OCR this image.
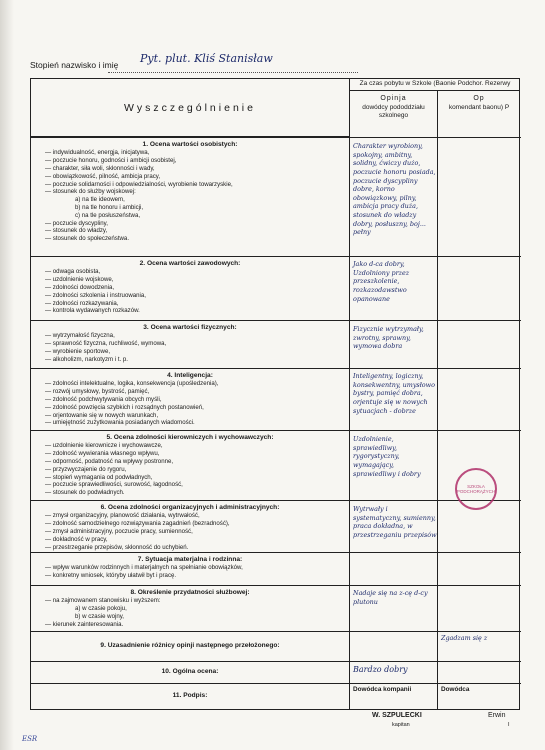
Stopień nazwisko i imię Pyt. plut. Kliś Stanisław
Wyszczególnienie
Za czas pobytu w Szkole (Baonie Podchor. Rezerwy
Opinja
dowódcy pododdziału szkolnego
Op
komendant baonu) P
1. Ocena wartości osobistych:
— indywidualność, energja, inicjatywa,
— poczucie honoru, godności i ambicji osobistej,
— charakter, siła woli, skłonności i wady,
— obowiązkowość, pilność, ambicja pracy,
— poczucie solidarności i odpowiedzialności, wyrobienie towarzyskie,
— stosunek do służby wojskowej:
a) na tle ideowem,
b) na tle honoru i ambicji,
c) na tle posłuszeństwa,
— poczucie dyscypliny,
— stosunek do władzy,
— stosunek do społeczeństwa.
Charakter wyrobiony, spokojny, ambitny, solidny, ćwiczy dużo, poczucie honoru posiada, poczucie dyscypliny dobre, korno obowiązkowy, pilny, ambicja pracy duża, stosunek do władzy dobry, posłuszny, boj... pełny
2. Ocena wartości zawodowych:
— odwaga osobista,
— uzdolnienie wojskowe,
— zdolności dowodzenia,
— zdolności szkolenia i instruowania,
— zdolności rozkazywania,
— kontrola wydawanych rozkazów.
Jako d-ca dobry, Uzdolniony przez przeszkolenie, rozkazodawstwo opanowane
3. Ocena wartości fizycznych:
— wytrzymałość fizyczna,
— sprawność fizyczna, ruchliwość, wymowa,
— wyrobienie sportowe,
— alkoholizm, narkotyzm i t. p.
Fizycznie wytrzymały, zwrotny, sprawny, wymowa dobra
4. Inteligencja:
— zdolności intelektualne, logika, konsekwencja (upośledzenia),
— rozwój umysłowy, bystrość, pamięć,
— zdolność podchwytywania obcych myśli,
— zdolność powzięcia szybkich i rozsądnych postanowień,
— orjentowanie się w nowych warunkach,
— umiejętność zużytkowania posiadanych wiadomości.
Inteligentny, logiczny, konsekwentny, umysłowo bystry, pamięć dobra, orjentuje się w nowych sytuacjach - dobrze
5. Ocena zdolności kierowniczych i wychowawczych:
— uzdolnienie kierownicze i wychowawcze,
— zdolność wywierania własnego wpływu,
— odporność, podatność na wpływy postronne,
— przyzwyczajenie do rygoru,
— stopień wymagania od podwładnych,
— poczucie sprawiedliwości, surowość, łagodność,
— stosunek do podwładnych.
Uzdolnienie, sprawiedliwy, rygorystyczny, wymagający, sprawiedliwy i dobry
6. Ocena zdolności organizacyjnych i administracyjnych:
— zmysł organizacyjny, planowość działania, wytrwałość,
— zdolność samodzielnego rozwiązywania zagadnień (bezradność),
— zmysł administracyjny, poczucie pracy, sumienność,
— dokładność w pracy,
— przestrzeganie przepisów, skłonność do uchybień.
Wytrwały i systematyczny, sumienny, praca dokładna, w przestrzeganiu przepisów
7. Sytuacja materjalna i rodzinna:
— wpływ warunków rodzinnych i materjalnych na spełnianie obowiązków,
— konkretny wniosek, któryby ułatwił byt i pracę.
8. Określenie przydatności służbowej:
— na zajmowanem stanowisku i wyższem:
a) w czasie pokoju,
b) w czasie wojny,
— kierunek zainteresowania.
Nadaje się na z-cę d-cy plutonu
9. Uzasadnienie różnicy opinji następnego przełożonego:
Zgadzam się z
10. Ogólna ocena:	Bardzo dobry
11. Podpis:
Dowódca kompanii	Dowódca
SZKOŁA PODCHORĄŻYCH
W. SZPULECKI
kapitan
Erwin
I
ESR
